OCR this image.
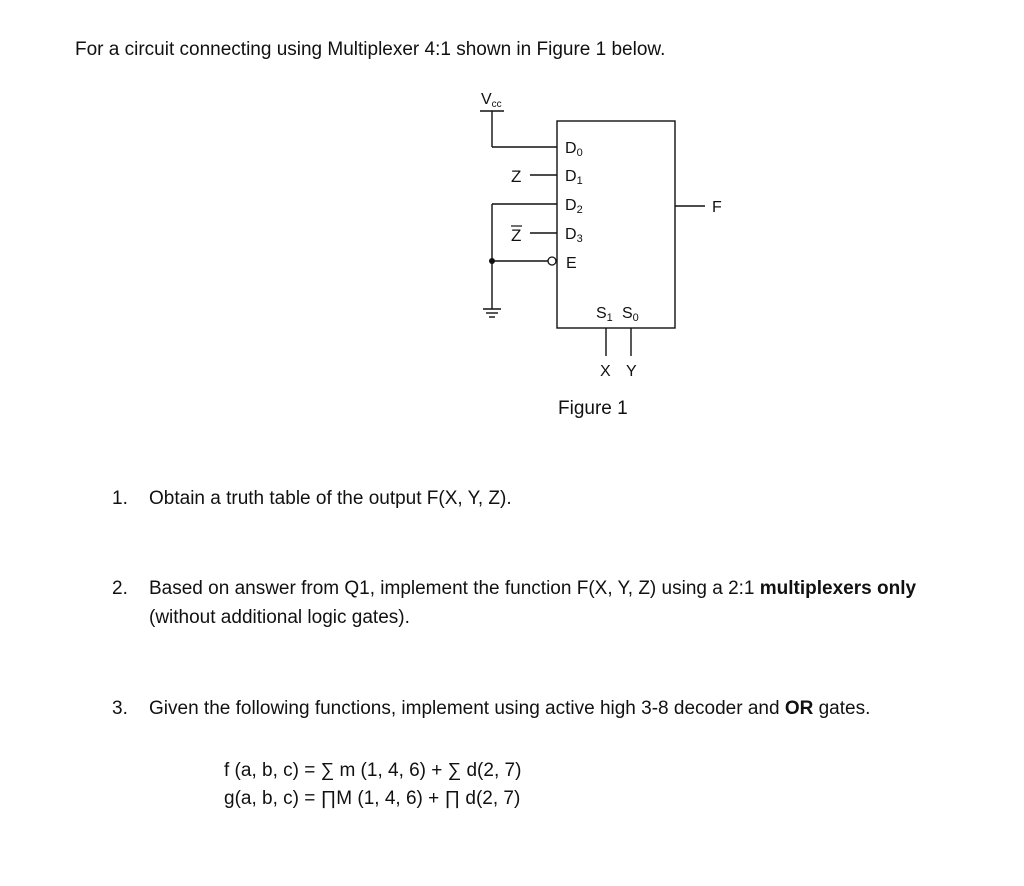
For a circuit connecting using Multiplexer 4:1 shown in Figure 1 below.
Vcc
Z
Z
D0
D1
D2
D3
E
S1 S0
F
X Y
Figure 1
1. Obtain a truth table of the output F(X, Y, Z).
2. Based on answer from Q1, implement the function F(X, Y, Z) using a 2:1 multiplexers only
(without additional logic gates).
3. Given the following functions, implement using active high 3-8 decoder and OR gates.
f (a, b, c) = ∑ m (1, 4, 6) + ∑ d(2, 7)
g(a, b, c) = ∏M (1, 4, 6) + ∏ d(2, 7)
